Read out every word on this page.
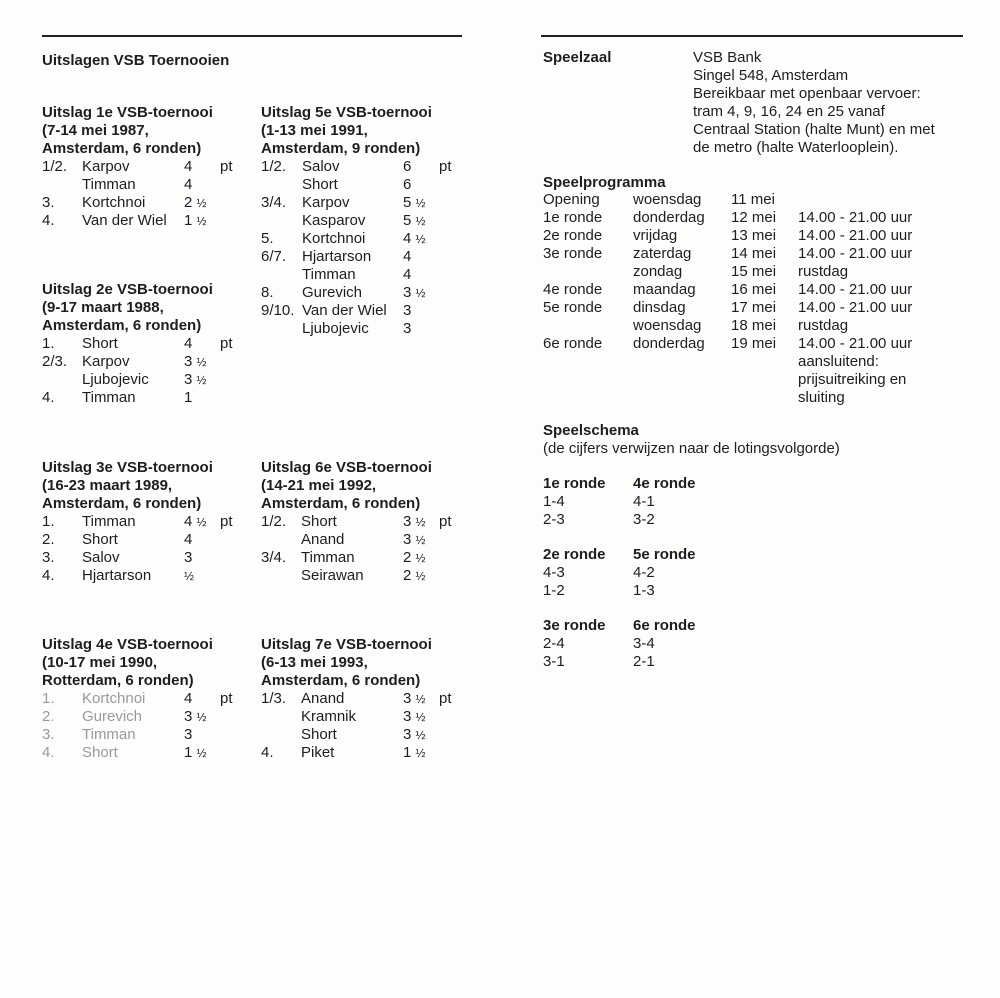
Uitslagen VSB Toernooien
Uitslag 1e VSB-toernooi
(7-14 mei 1987,
Amsterdam, 6 ronden)
1/2. Karpov	4 pt
Timman	4
3. Kortchnoi	2 ½
4. Van der Wiel 1 ½
Uitslag 5e VSB-toernooi
(1-13 mei 1991,
Amsterdam, 9 ronden)
1/2. Salov	6 pt
Short	6
3/4. Karpov	5 ½
Kasparov	5 ½
5. Kortchnoi	4 ½
6/7. Hjartarson 4
Timman	4
8. Gurevich	3 ½
9/10. Van der Wiel 3
Ljubojevic 3
Uitslag 2e VSB-toernooi
(9-17 maart 1988,
Amsterdam, 6 ronden)
1. Short	4 pt
2/3. Karpov	3 ½
Ljubojevic 3 ½
4. Timman	1
Uitslag 3e VSB-toernooi
(16-23 maart 1989,
Amsterdam, 6 ronden)
1. Timman	4 ½ pt
2. Short	4
3. Salov	3
4. Hjartarson	½
Uitslag 6e VSB-toernooi
(14-21 mei 1992,
Amsterdam, 6 ronden)
1/2. Short	3 ½ pt
Anand	3 ½
3/4. Timman	2 ½
Seirawan	2 ½
Uitslag 4e VSB-toernooi
(10-17 mei 1990,
Rotterdam, 6 ronden)
1. Kortchnoi	4 pt
2. Gurevich	3 ½
3. Timman	3
4. Short	1 ½
Uitslag 7e VSB-toernooi
(6-13 mei 1993,
Amsterdam, 6 ronden)
1/3. Anand	3 ½ pt
Kramnik	3 ½
Short	3 ½
4. Piket	1 ½
Speelzaal	VSB Bank
Singel 548, Amsterdam
Bereikbaar met openbaar vervoer:
tram 4, 9, 16, 24 en 25 vanaf
Centraal Station (halte Munt) en met
de metro (halte Waterlooplein).
Speelprogramma
Opening woensdag 11 mei
1e ronde donderdag 12 mei 14.00 - 21.00 uur
2e ronde vrijdag	13 mei 14.00 - 21.00 uur
3e ronde zaterdag	14 mei 14.00 - 21.00 uur
zondag	15 mei rustdag
4e ronde maandag 16 mei 14.00 - 21.00 uur
5e ronde dinsdag	17 mei 14.00 - 21.00 uur
woensdag 18 mei rustdag
6e ronde donderdag 19 mei 14.00 - 21.00 uur
aansluitend:
prijsuitreiking en
sluiting
Speelschema
(de cijfers verwijzen naar de lotingsvolgorde)
1e ronde 4e ronde
1-4	4-1
2-3	3-2
2e ronde 5e ronde
4-3	4-2
1-2	1-3
3e ronde 6e ronde
2-4	3-4
3-1	2-1
